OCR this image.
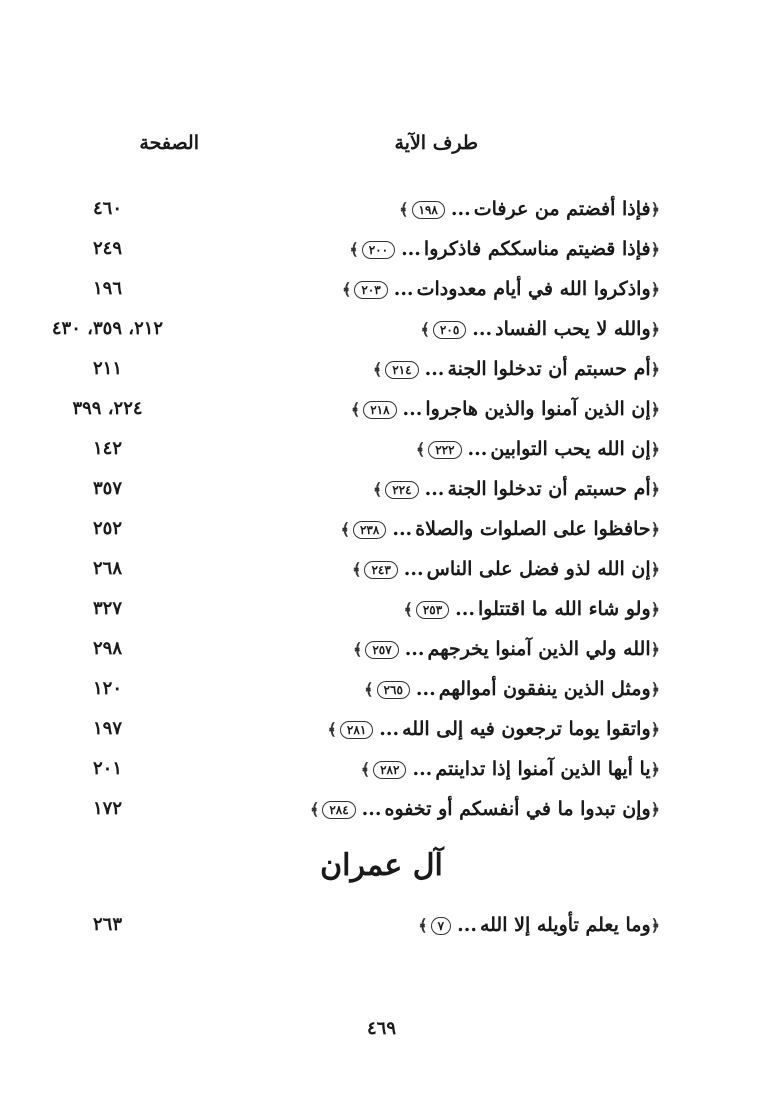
طرف الآية
الصفحة
﴿فإذا أفضتم من عرفات...١٩٨﴾
٤٦٠
﴿فإذا قضيتم مناسككم فاذكروا...٢٠٠﴾
٢٤٩
﴿واذكروا الله في أيام معدودات...٢٠٣﴾
١٩٦
﴿والله لا يحب الفساد...٢٠٥﴾
٢١٢، ٣٥٩، ٤٣٠
﴿أم حسبتم أن تدخلوا الجنة...٢١٤﴾
٢١١
﴿إن الذين آمنوا والذين هاجروا...٢١٨﴾
٢٢٤، ٣٩٩
﴿إن الله يحب التوابين...٢٢٢﴾
١٤٢
﴿أم حسبتم أن تدخلوا الجنة...٢٢٤﴾
٣٥٧
﴿حافظوا على الصلوات والصلاة...٢٣٨﴾
٢٥٢
﴿إن الله لذو فضل على الناس...٢٤٣﴾
٢٦٨
﴿ولو شاء الله ما اقتتلوا...٢٥٣﴾
٣٢٧
﴿الله ولي الذين آمنوا يخرجهم...٢٥٧﴾
٢٩٨
﴿ومثل الذين ينفقون أموالهم...٢٦٥﴾
١٢٠
﴿واتقوا يوما ترجعون فيه إلى الله...٢٨١﴾
١٩٧
﴿يا أيها الذين آمنوا إذا تداينتم...٢٨٢﴾
٢٠١
﴿وإن تبدوا ما في أنفسكم أو تخفوه...٢٨٤﴾
١٧٢
آل عمران
﴿وما يعلم تأويله إلا الله...٧﴾
٢٦٣
٤٦٩
